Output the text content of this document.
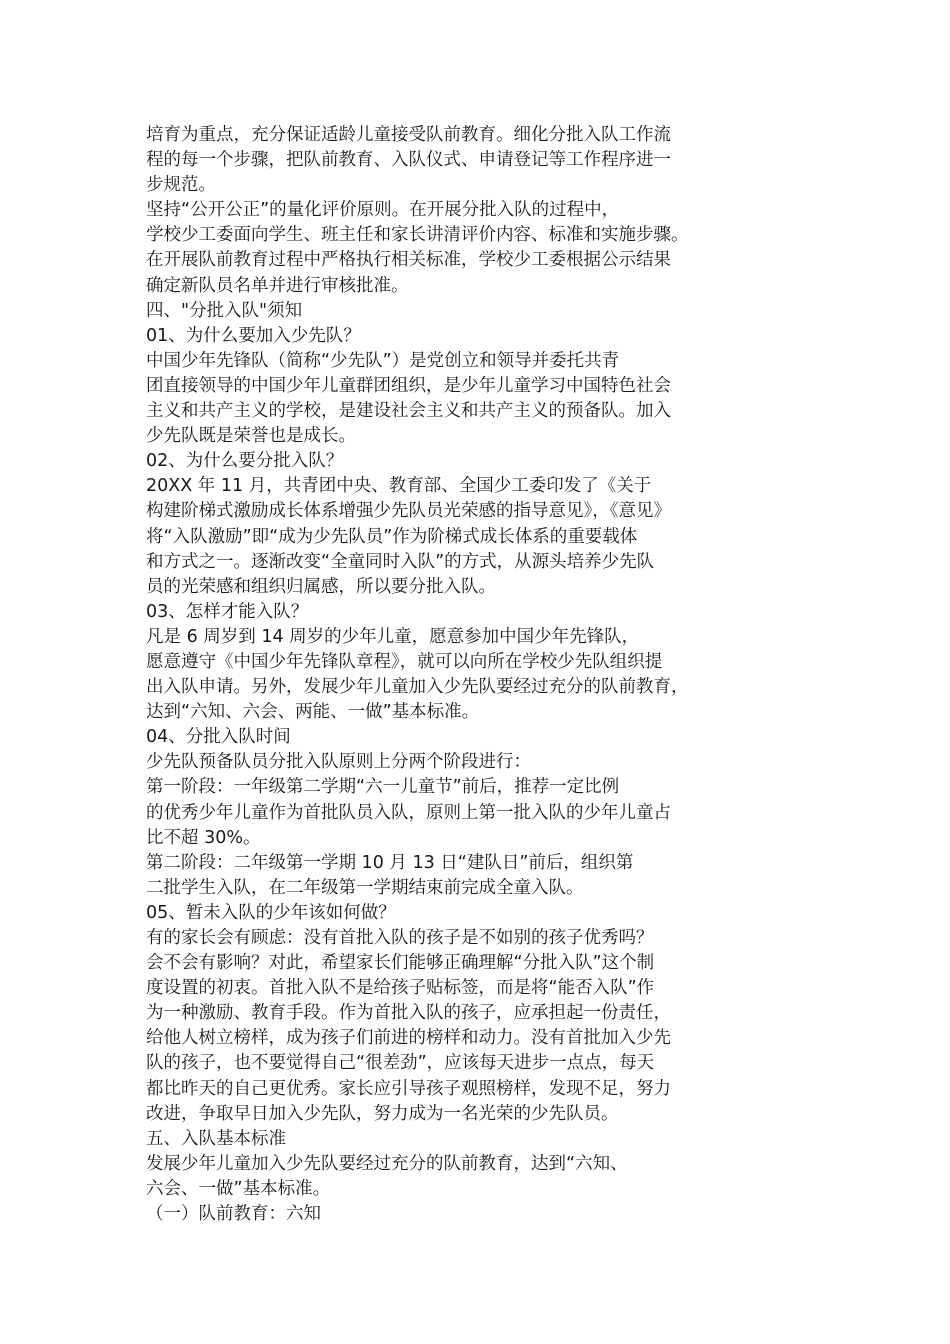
培育为重点，充分保证适龄儿童接受队前教育。细化分批入队工作流
程的每一个步骤，把队前教育、入队仪式、申请登记等工作程序进一
步规范。
坚持“公开公正”的量化评价原则。在开展分批入队的过程中，
学校少工委面向学生、班主任和家长讲清评价内容、标准和实施步骤。
在开展队前教育过程中严格执行相关标准，学校少工委根据公示结果
确定新队员名单并进行审核批准。
四、"分批入队"须知
01、为什么要加入少先队？
中国少年先锋队（简称“少先队”）是党创立和领导并委托共青
团直接领导的中国少年儿童群团组织，是少年儿童学习中国特色社会
主义和共产主义的学校，是建设社会主义和共产主义的预备队。加入
少先队既是荣誉也是成长。
02、为什么要分批入队？
20XX 年 11 月，共青团中央、教育部、全国少工委印发了《关于
构建阶梯式激励成长体系增强少先队员光荣感的指导意见》，《意见》
将“入队激励”即“成为少先队员”作为阶梯式成长体系的重要载体
和方式之一。逐渐改变“全童同时入队”的方式，从源头培养少先队
员的光荣感和组织归属感，所以要分批入队。
03、怎样才能入队？
凡是 6 周岁到 14 周岁的少年儿童，愿意参加中国少年先锋队，
愿意遵守《中国少年先锋队章程》，就可以向所在学校少先队组织提
出入队申请。另外，发展少年儿童加入少先队要经过充分的队前教育，
达到“六知、六会、两能、一做”基本标准。
04、分批入队时间
少先队预备队员分批入队原则上分两个阶段进行：
第一阶段：一年级第二学期“六一儿童节”前后，推荐一定比例
的优秀少年儿童作为首批队员入队，原则上第一批入队的少年儿童占
比不超 30%。
第二阶段：二年级第一学期 10 月 13 日“建队日”前后，组织第
二批学生入队，在二年级第一学期结束前完成全童入队。
05、暂未入队的少年该如何做？
有的家长会有顾虑：没有首批入队的孩子是不如别的孩子优秀吗？
会不会有影响？对此，希望家长们能够正确理解“分批入队”这个制
度设置的初衷。首批入队不是给孩子贴标签，而是将“能否入队”作
为一种激励、教育手段。作为首批入队的孩子，应承担起一份责任，
给他人树立榜样，成为孩子们前进的榜样和动力。没有首批加入少先
队的孩子，也不要觉得自己“很差劲”，应该每天进步一点点，每天
都比昨天的自己更优秀。家长应引导孩子观照榜样，发现不足，努力
改进，争取早日加入少先队，努力成为一名光荣的少先队员。
五、入队基本标准
发展少年儿童加入少先队要经过充分的队前教育，达到“六知、
六会、一做”基本标准。
（一）队前教育：六知
